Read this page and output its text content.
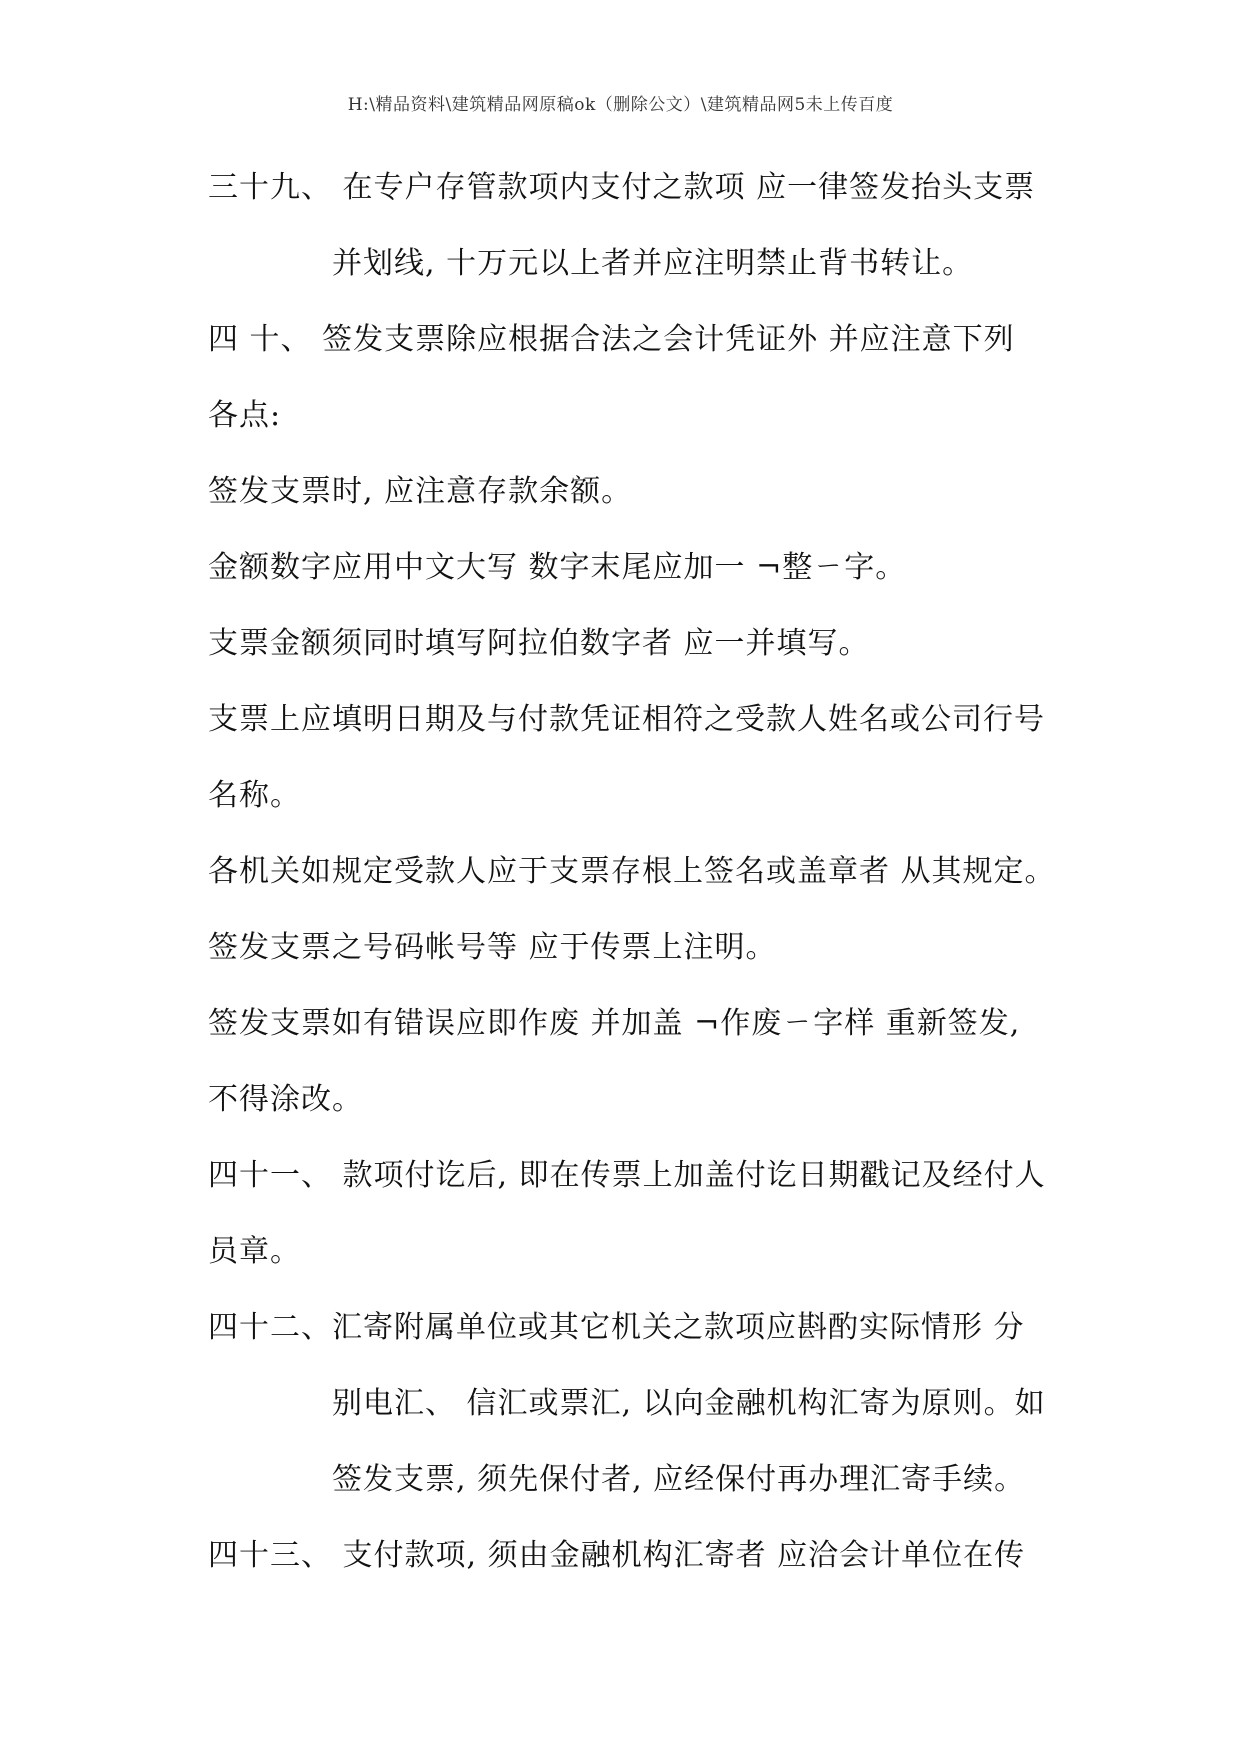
H:\精品资料\建筑精品网原稿ok（删除公文）\建筑精品网5未上传百度
三十九、 在专户存管款项内支付之款项 应一律签发抬头支票
并划线, 十万元以上者并应注明禁止背书转让。
四 十、 签发支票除应根据合法之会计凭证外 并应注意下列
各点:
签发支票时, 应注意存款余额。
金额数字应用中文大写 数字末尾应加一 ¬整ㄧ字。
支票金额须同时填写阿拉伯数字者 应一并填写。
支票上应填明日期及与付款凭证相符之受款人姓名或公司行号
名称。
各机关如规定受款人应于支票存根上签名或盖章者 从其规定。
签发支票之号码帐号等 应于传票上注明。
签发支票如有错误应即作废 并加盖 ¬作废ㄧ字样 重新签发,
不得涂改。
四十一、 款项付讫后, 即在传票上加盖付讫日期戳记及经付人
员章。
四十二、汇寄附属单位或其它机关之款项应斟酌实际情形 分
别电汇、 信汇或票汇, 以向金融机构汇寄为原则。如
签发支票, 须先保付者, 应经保付再办理汇寄手续。
四十三、 支付款项, 须由金融机构汇寄者 应洽会计单位在传
